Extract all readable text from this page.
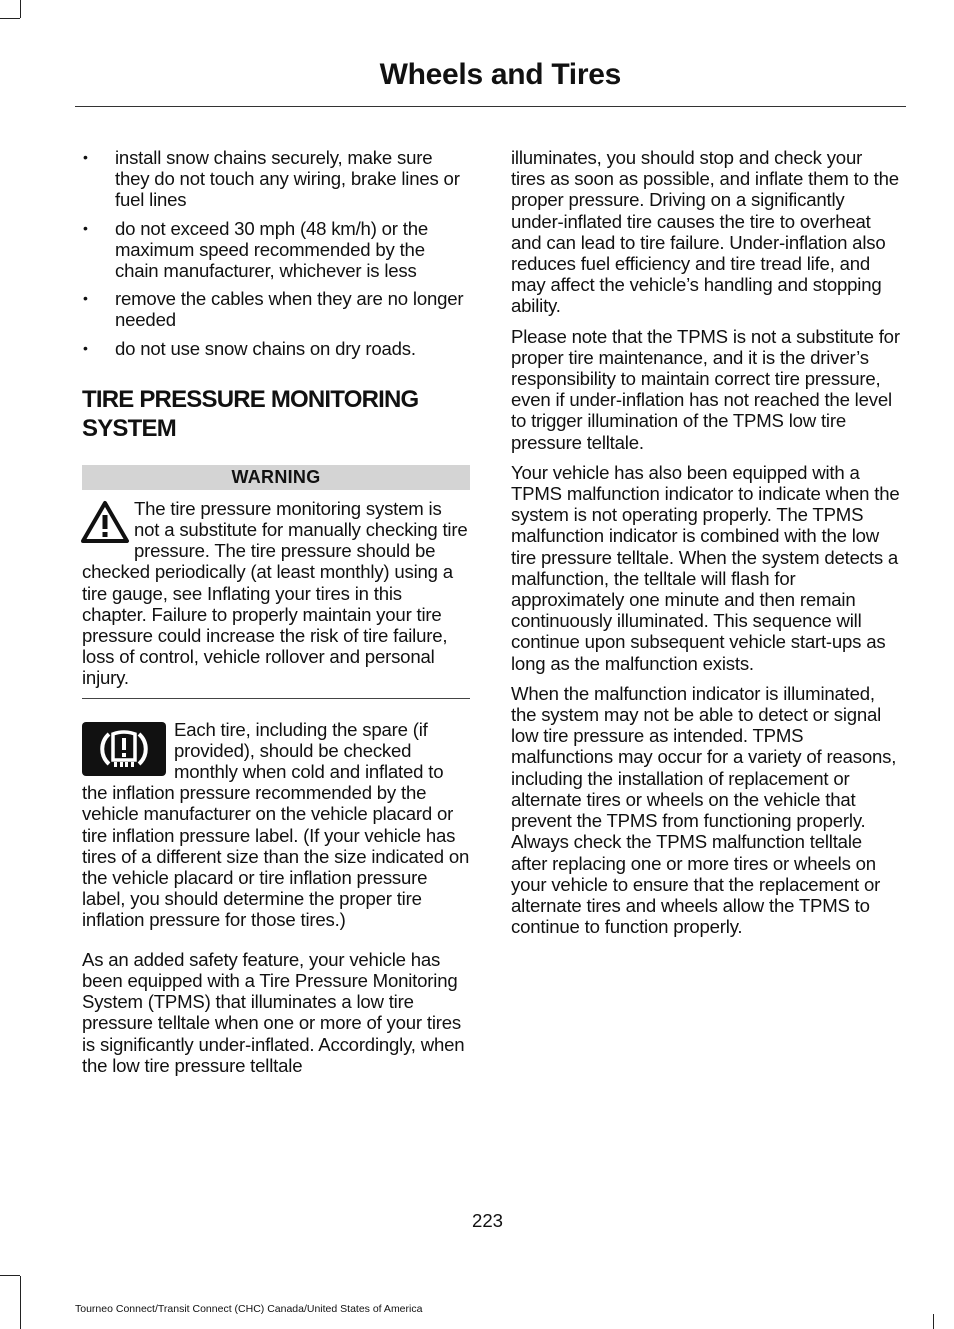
Wheels and Tires
• install snow chains securely, make sure they do not touch any wiring, brake lines or fuel lines
• do not exceed 30 mph (48 km/h) or the maximum speed recommended by the chain manufacturer, whichever is less
• remove the cables when they are no longer needed
• do not use snow chains on dry roads.
TIRE PRESSURE MONITORING SYSTEM
WARNING
The tire pressure monitoring system is not a substitute for manually checking tire pressure. The tire pressure should be checked periodically (at least monthly) using a tire gauge, see Inflating your tires in this chapter. Failure to properly maintain your tire pressure could increase the risk of tire failure, loss of control, vehicle rollover and personal injury.
Each tire, including the spare (if provided), should be checked monthly when cold and inflated to the inflation pressure recommended by the vehicle manufacturer on the vehicle placard or tire inflation pressure label. (If your vehicle has tires of a different size than the size indicated on the vehicle placard or tire inflation pressure label, you should determine the proper tire inflation pressure for those tires.)

As an added safety feature, your vehicle has been equipped with a Tire Pressure Monitoring System (TPMS) that illuminates a low tire pressure telltale when one or more of your tires is significantly under-inflated. Accordingly, when the low tire pressure telltale

illuminates, you should stop and check your tires as soon as possible, and inflate them to the proper pressure. Driving on a significantly under-inflated tire causes the tire to overheat and can lead to tire failure. Under-inflation also reduces fuel efficiency and tire tread life, and may affect the vehicle’s handling and stopping ability.

Please note that the TPMS is not a substitute for proper tire maintenance, and it is the driver’s responsibility to maintain correct tire pressure, even if under-inflation has not reached the level to trigger illumination of the TPMS low tire pressure telltale.

Your vehicle has also been equipped with a TPMS malfunction indicator to indicate when the system is not operating properly. The TPMS malfunction indicator is combined with the low tire pressure telltale. When the system detects a malfunction, the telltale will flash for approximately one minute and then remain continuously illuminated. This sequence will continue upon subsequent vehicle start-ups as long as the malfunction exists.

When the malfunction indicator is illuminated, the system may not be able to detect or signal low tire pressure as intended. TPMS malfunctions may occur for a variety of reasons, including the installation of replacement or alternate tires or wheels on the vehicle that prevent the TPMS from functioning properly. Always check the TPMS malfunction telltale after replacing one or more tires or wheels on your vehicle to ensure that the replacement or alternate tires and wheels allow the TPMS to continue to function properly.

223
Tourneo Connect/Transit Connect (CHC) Canada/United States of America
